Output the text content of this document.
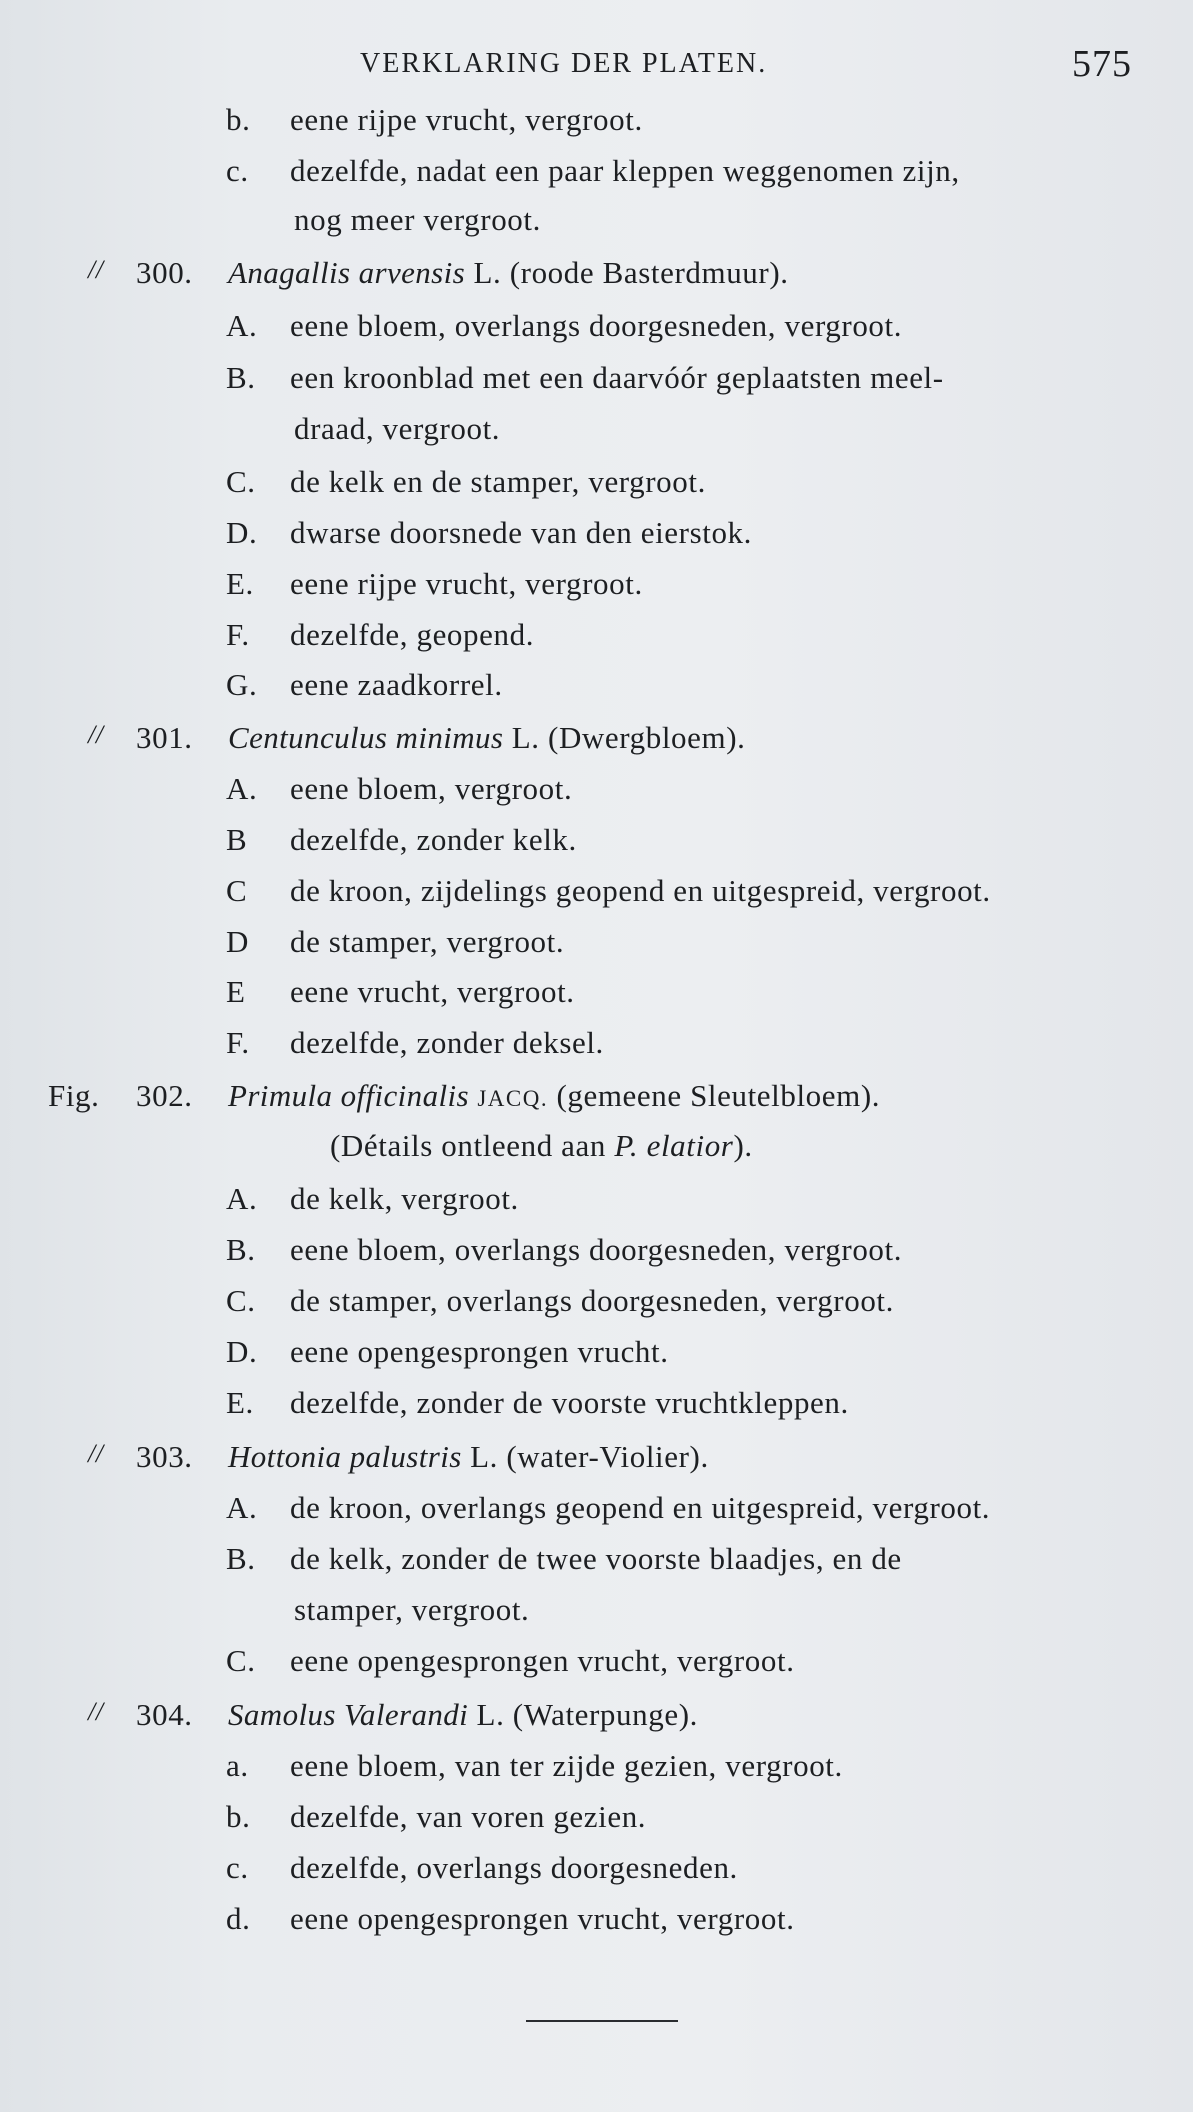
VERKLARING DER PLATEN.	575
b. eene rijpe vrucht, vergroot.
c. dezelfde, nadat een paar kleppen weggenomen zijn,
nog meer vergroot.
// 300. Anagallis arvensis L. (roode Basterdmuur).
A. eene bloem, overlangs doorgesneden, vergroot.
B. een kroonblad met een daarvóór geplaatsten meel-
draad, vergroot.
C. de kelk en de stamper, vergroot.
D. dwarse doorsnede van den eierstok.
E. eene rijpe vrucht, vergroot.
F. dezelfde, geopend.
G. eene zaadkorrel.
// 301. Centunculus minimus L. (Dwergbloem).
A. eene bloem, vergroot.
B dezelfde, zonder kelk.
C de kroon, zijdelings geopend en uitgespreid, vergroot.
D de stamper, vergroot.
E eene vrucht, vergroot.
F. dezelfde, zonder deksel.
Fig. 302. Primula officinalis JACQ. (gemeene Sleutelbloem).
(Détails ontleend aan P. elatior).
A. de kelk, vergroot.
B. eene bloem, overlangs doorgesneden, vergroot.
C. de stamper, overlangs doorgesneden, vergroot.
D. eene opengesprongen vrucht.
E. dezelfde, zonder de voorste vruchtkleppen.
// 303. Hottonia palustris L. (water-Violier).
A. de kroon, overlangs geopend en uitgespreid, vergroot.
B. de kelk, zonder de twee voorste blaadjes, en de
stamper, vergroot.
C. eene opengesprongen vrucht, vergroot.
// 304. Samolus Valerandi L. (Waterpunge).
a. eene bloem, van ter zijde gezien, vergroot.
b. dezelfde, van voren gezien.
c. dezelfde, overlangs doorgesneden.
d. eene opengesprongen vrucht, vergroot.
